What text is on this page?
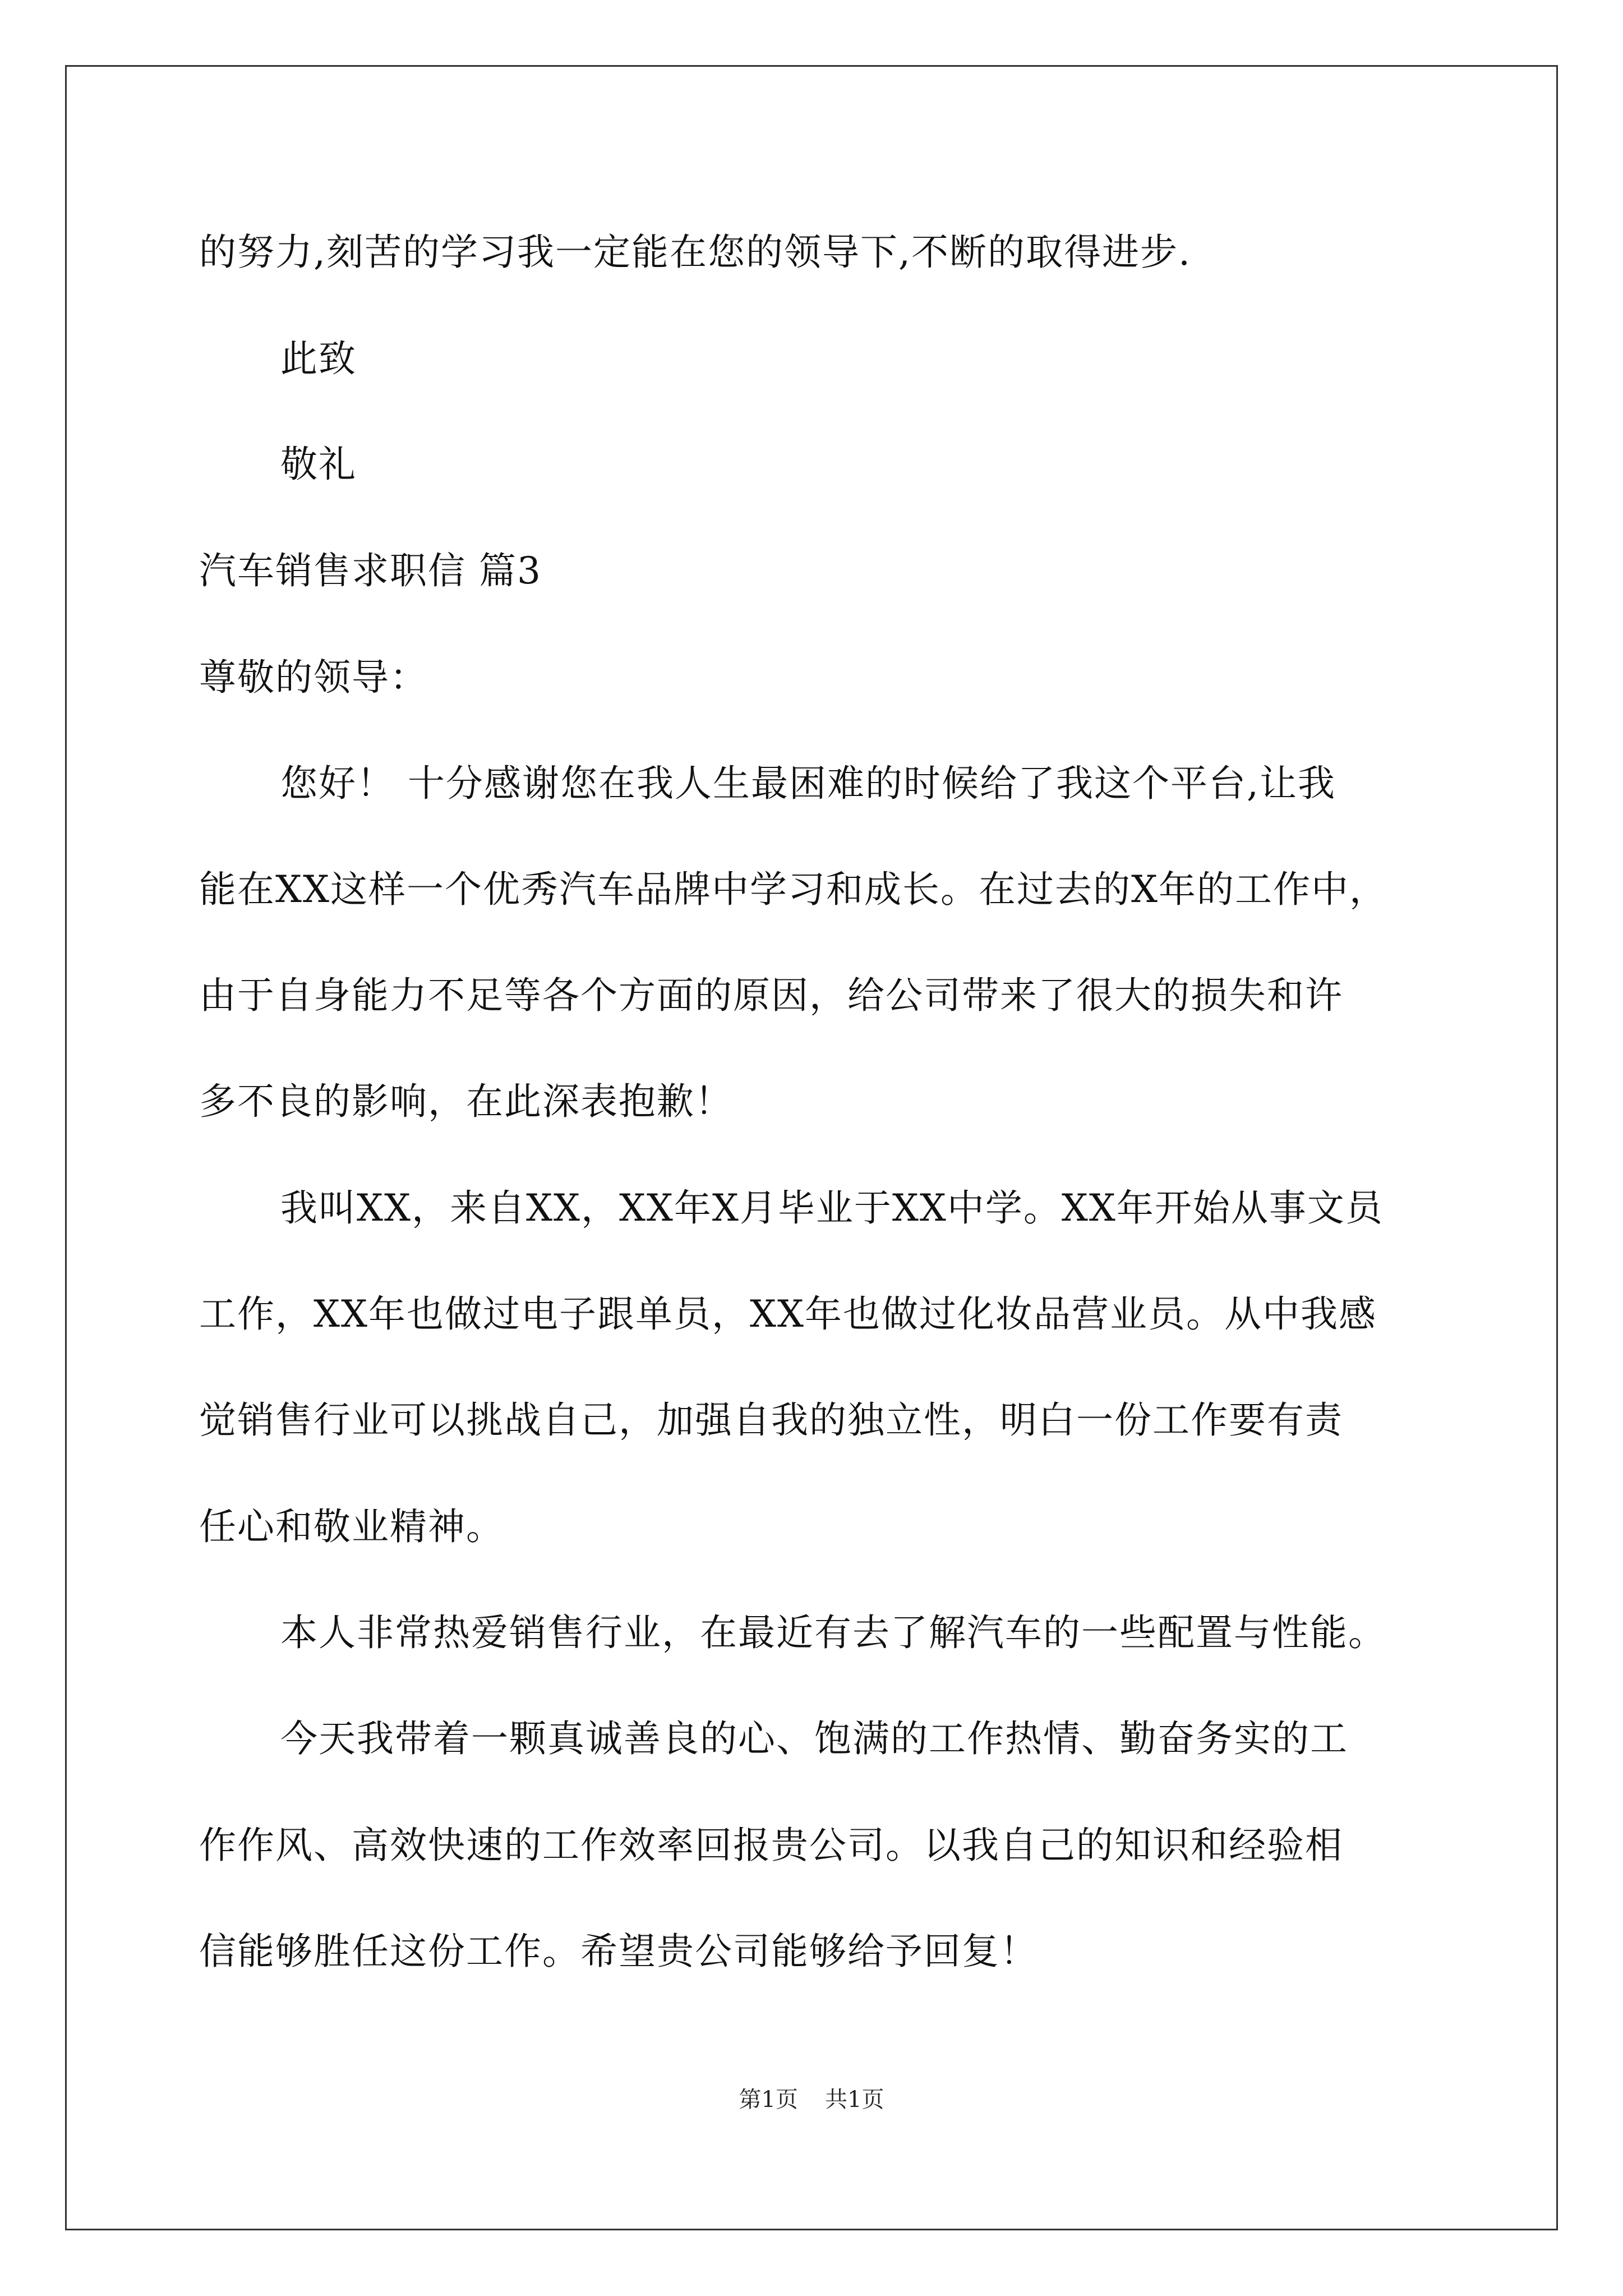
的努力,刻苦的学习我一定能在您的领导下,不断的取得进步.
此致
敬礼
汽车销售求职信 篇3
尊敬的领导：
您好！ 十分感谢您在我人生最困难的时候给了我这个平台,让我
能在XX这样一个优秀汽车品牌中学习和成长。在过去的X年的工作中，
由于自身能力不足等各个方面的原因，给公司带来了很大的损失和许
多不良的影响，在此深表抱歉！
我叫XX，来自XX，XX年X月毕业于XX中学。XX年开始从事文员
工作，XX年也做过电子跟单员，XX年也做过化妆品营业员。从中我感
觉销售行业可以挑战自己，加强自我的独立性，明白一份工作要有责
任心和敬业精神。
本人非常热爱销售行业，在最近有去了解汽车的一些配置与性能。
今天我带着一颗真诚善良的心、饱满的工作热情、勤奋务实的工
作作风、高效快速的工作效率回报贵公司。以我自己的知识和经验相
信能够胜任这份工作。希望贵公司能够给予回复！
第1页 共1页
